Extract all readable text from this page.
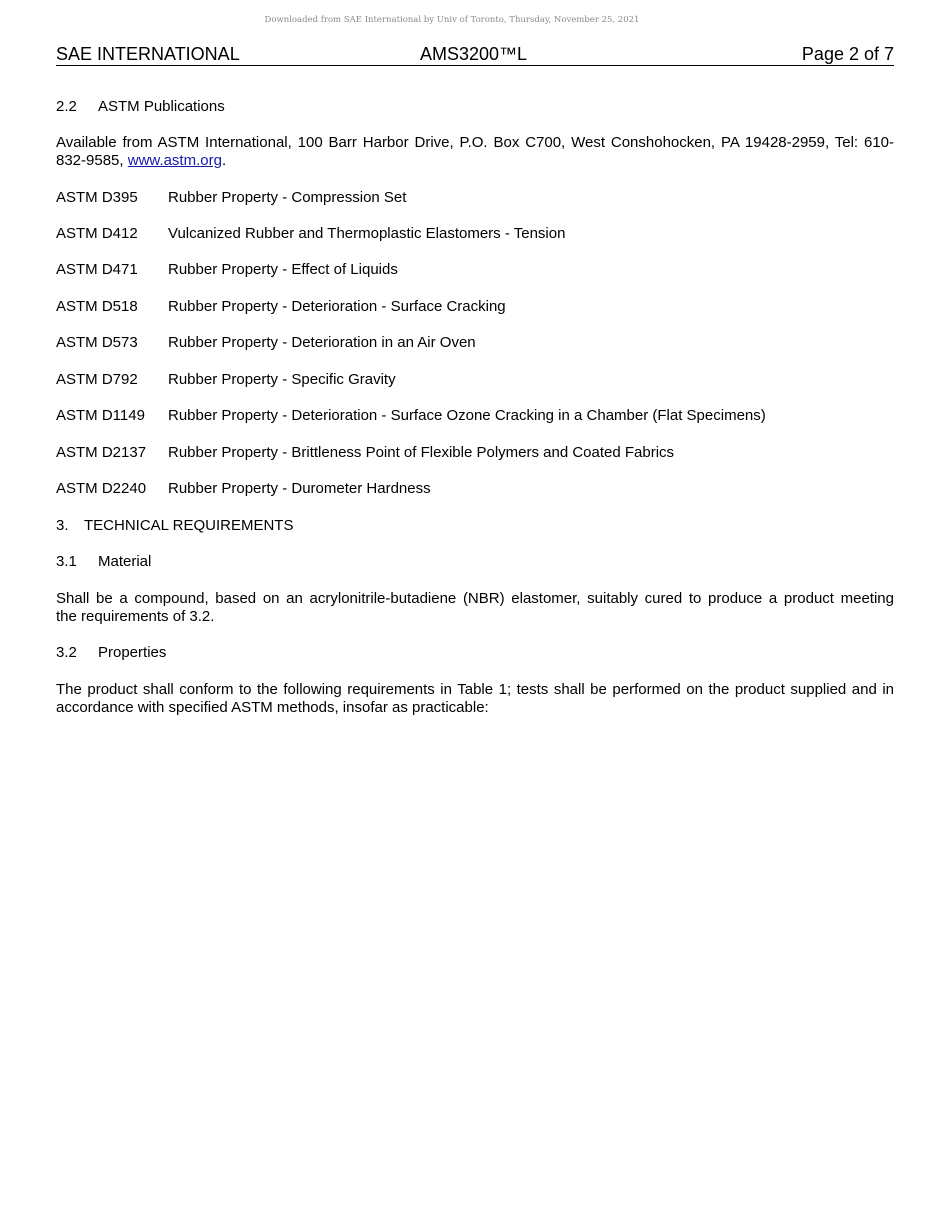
Downloaded from SAE International by Univ of Toronto, Thursday, November 25, 2021
SAE INTERNATIONAL	AMS3200™L	Page 2 of 7
2.2 ASTM Publications
Available from ASTM International, 100 Barr Harbor Drive, P.O. Box C700, West Conshohocken, PA 19428-2959, Tel: 610-
832-9585, www.astm.org.
ASTM D395 Rubber Property - Compression Set
ASTM D412 Vulcanized Rubber and Thermoplastic Elastomers - Tension
ASTM D471 Rubber Property - Effect of Liquids
ASTM D518 Rubber Property - Deterioration - Surface Cracking
ASTM D573 Rubber Property - Deterioration in an Air Oven
ASTM D792 Rubber Property - Specific Gravity
ASTM D1149 Rubber Property - Deterioration - Surface Ozone Cracking in a Chamber (Flat Specimens)
ASTM D2137 Rubber Property - Brittleness Point of Flexible Polymers and Coated Fabrics
ASTM D2240 Rubber Property - Durometer Hardness
3. TECHNICAL REQUIREMENTS
3.1 Material
Shall be a compound, based on an acrylonitrile-butadiene (NBR) elastomer, suitably cured to produce a product meeting
the requirements of 3.2.
3.2 Properties
The product shall conform to the following requirements in Table 1; tests shall be performed on the product supplied and in
accordance with specified ASTM methods, insofar as practicable:
